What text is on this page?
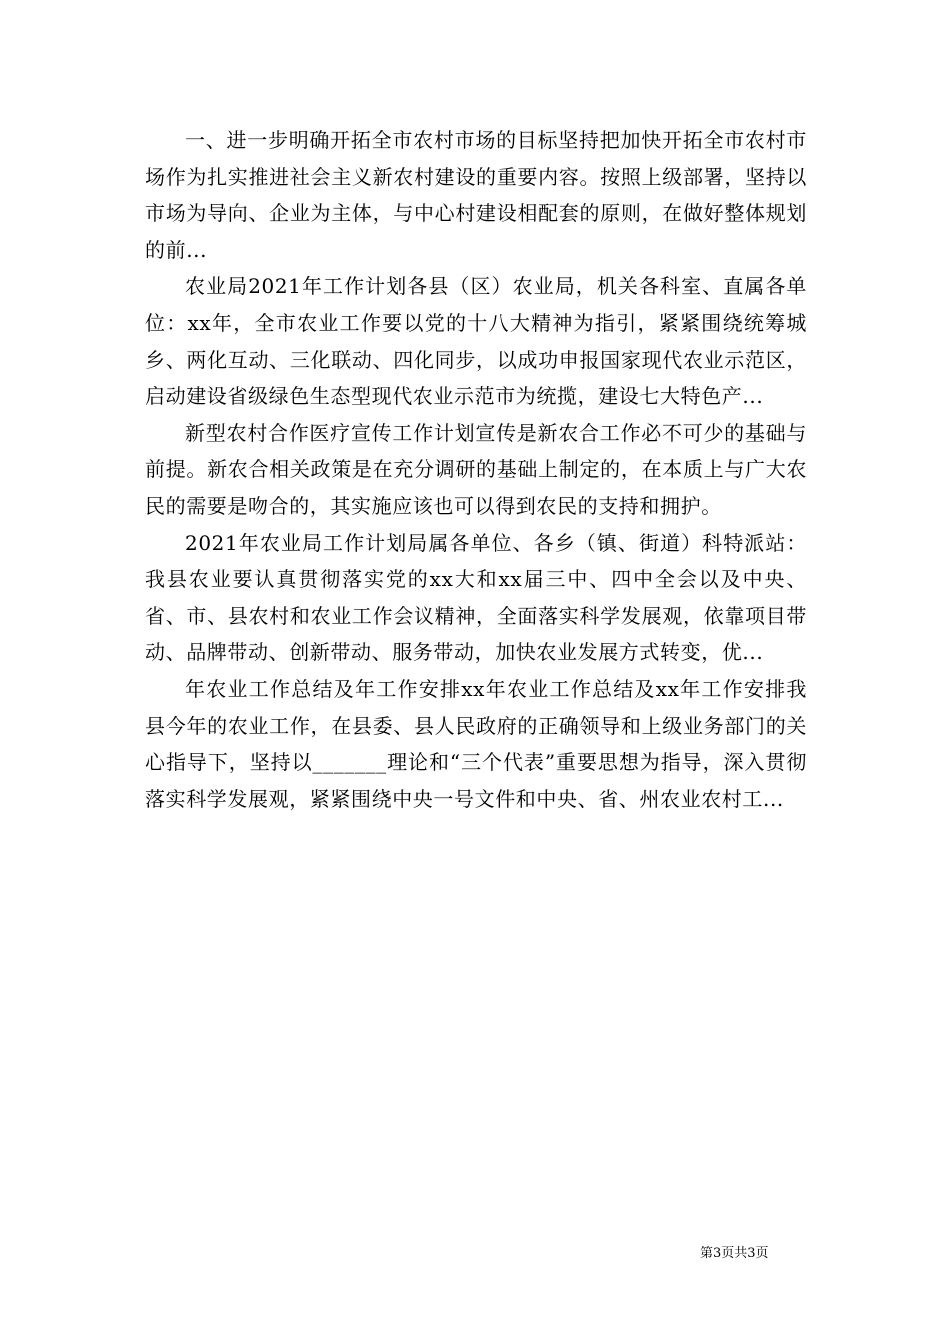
一、进一步明确开拓全市农村市场的目标坚持把加快开拓全市农村市场作为扎实推进社会主义新农村建设的重要内容。按照上级部署，坚持以市场为导向、企业为主体，与中心村建设相配套的原则，在做好整体规划的前...

农业局2021年工作计划各县（区）农业局，机关各科室、直属各单位：xx年，全市农业工作要以党的十八大精神为指引，紧紧围绕统筹城乡、两化互动、三化联动、四化同步，以成功申报国家现代农业示范区，启动建设省级绿色生态型现代农业示范市为统揽，建设七大特色产...

新型农村合作医疗宣传工作计划宣传是新农合工作必不可少的基础与前提。新农合相关政策是在充分调研的基础上制定的，在本质上与广大农民的需要是吻合的，其实施应该也可以得到农民的支持和拥护。

2021年农业局工作计划局属各单位、各乡（镇、街道）科特派站：我县农业要认真贯彻落实党的xx大和xx届三中、四中全会以及中央、省、市、县农村和农业工作会议精神，全面落实科学发展观，依靠项目带动、品牌带动、创新带动、服务带动，加快农业发展方式转变，优...

年农业工作总结及年工作安排xx年农业工作总结及xx年工作安排我县今年的农业工作，在县委、县人民政府的正确领导和上级业务部门的关心指导下，坚持以_______理论和“三个代表”重要思想为指导，深入贯彻落实科学发展观，紧紧围绕中央一号文件和中央、省、州农业农村工...

第3页共3页
